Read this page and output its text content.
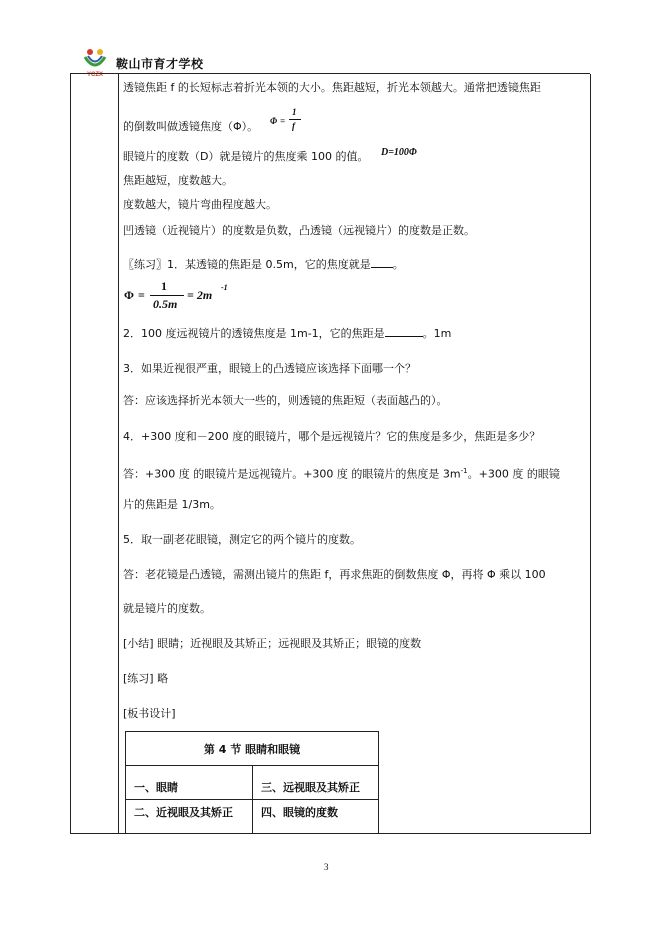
YCZX
鞍山市育才学校
透镜焦距 f 的长短标志着折光本领的大小。焦距越短，折光本领越大。通常把透镜焦距
的倒数叫做透镜焦度（Φ）。 Φ =
1
f
眼镜片的度数（D）就是镜片的焦度乘 100 的值。 D=100Φ
焦距越短，度数越大。
度数越大，镜片弯曲程度越大。
凹透镜（近视镜片）的度数是负数，凸透镜（远视镜片）的度数是正数。
〖练习〗1．某透镜的焦距是 0.5m，它的焦度就是 。
Φ =
1
0.5m
= 2m
-1
2．100 度远视镜片的透镜焦度是 1m-1，它的焦距是	。1m
3．如果近视很严重，眼镜上的凸透镜应该选择下面哪一个？
答：应该选择折光本领大一些的，则透镜的焦距短（表面越凸的）。
4．+300 度和－200 度的眼镜片，哪个是远视镜片？它的焦度是多少，焦距是多少？
答：+300 度 的眼镜片是远视镜片。+300 度 的眼镜片的焦度是 $3m^{-1}$。+300 度 的眼镜
片的焦距是 1/3m。
5．取一副老花眼镜，测定它的两个镜片的度数。
答：老花镜是凸透镜，需测出镜片的焦距 f，再求焦距的倒数焦度 Φ，再将 Φ 乘以 100
就是镜片的度数。
[小结] 眼睛；近视眼及其矫正；远视眼及其矫正；眼镜的度数
[练习] 略
[板书设计]
第 4 节 眼睛和眼镜	
一、眼睛	三、远视眼及其矫正
二、近视眼及其矫正	四、眼镜的度数
3
